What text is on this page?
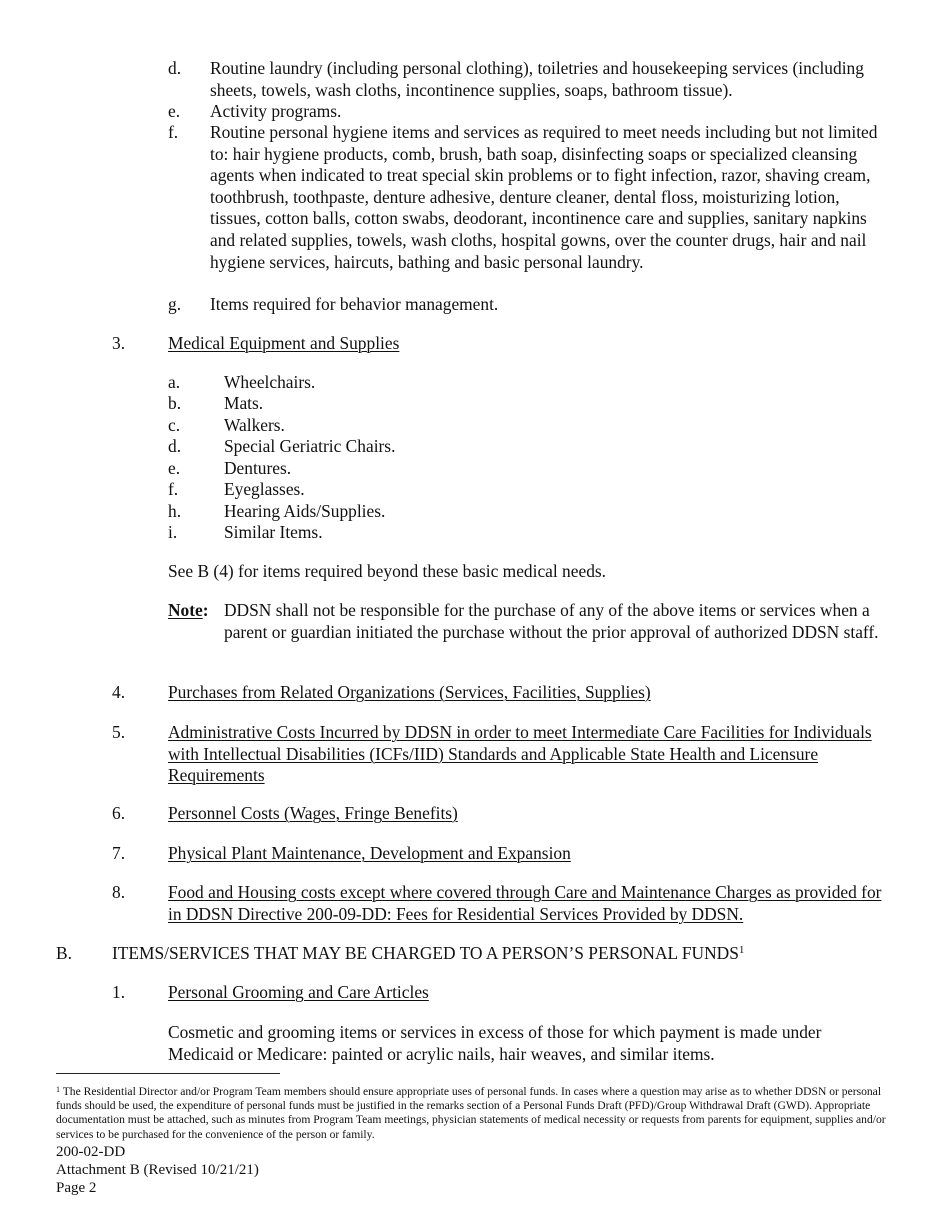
d. Routine laundry (including personal clothing), toiletries and housekeeping services (including sheets, towels, wash cloths, incontinence supplies, soaps, bathroom tissue).
e. Activity programs.
f. Routine personal hygiene items and services as required to meet needs including but not limited to: hair hygiene products, comb, brush, bath soap, disinfecting soaps or specialized cleansing agents when indicated to treat special skin problems or to fight infection, razor, shaving cream, toothbrush, toothpaste, denture adhesive, denture cleaner, dental floss, moisturizing lotion, tissues, cotton balls, cotton swabs, deodorant, incontinence care and supplies, sanitary napkins and related supplies, towels, wash cloths, hospital gowns, over the counter drugs, hair and nail hygiene services, haircuts, bathing and basic personal laundry.
g. Items required for behavior management.
3. Medical Equipment and Supplies
a.	Wheelchairs.
b. Mats.
c.	Walkers.
d. Special Geriatric Chairs.
e.	Dentures.
f.	Eyeglasses.
h. Hearing Aids/Supplies.
i.	Similar Items.
See B (4) for items required beyond these basic medical needs.
Note: DDSN shall not be responsible for the purchase of any of the above items or services when a parent or guardian initiated the purchase without the prior approval of authorized DDSN staff.
4. Purchases from Related Organizations (Services, Facilities, Supplies)
5. Administrative Costs Incurred by DDSN in order to meet Intermediate Care Facilities for Individuals with Intellectual Disabilities (ICFs/IID) Standards and Applicable State Health and Licensure Requirements
6. Personnel Costs (Wages, Fringe Benefits)
7. Physical Plant Maintenance, Development and Expansion
8. Food and Housing costs except where covered through Care and Maintenance Charges as provided for in DDSN Directive 200-09-DD: Fees for Residential Services Provided by DDSN.
B. ITEMS/SERVICES THAT MAY BE CHARGED TO A PERSON’S PERSONAL FUNDS$^1$
1. Personal Grooming and Care Articles
Cosmetic and grooming items or services in excess of those for which payment is made under Medicaid or Medicare: painted or acrylic nails, hair weaves, and similar items.
$^1$ The Residential Director and/or Program Team members should ensure appropriate uses of personal funds. In cases where a question may arise as to whether DDSN or personal funds should be used, the expenditure of personal funds must be justified in the remarks section of a Personal Funds Draft (PFD)/Group Withdrawal Draft (GWD). Appropriate documentation must be attached, such as minutes from Program Team meetings, physician statements of medical necessity or requests from parents for equipment, supplies and/or services to be purchased for the convenience of the person or family.
200-02-DD
Attachment B (Revised 10/21/21)
Page 2
